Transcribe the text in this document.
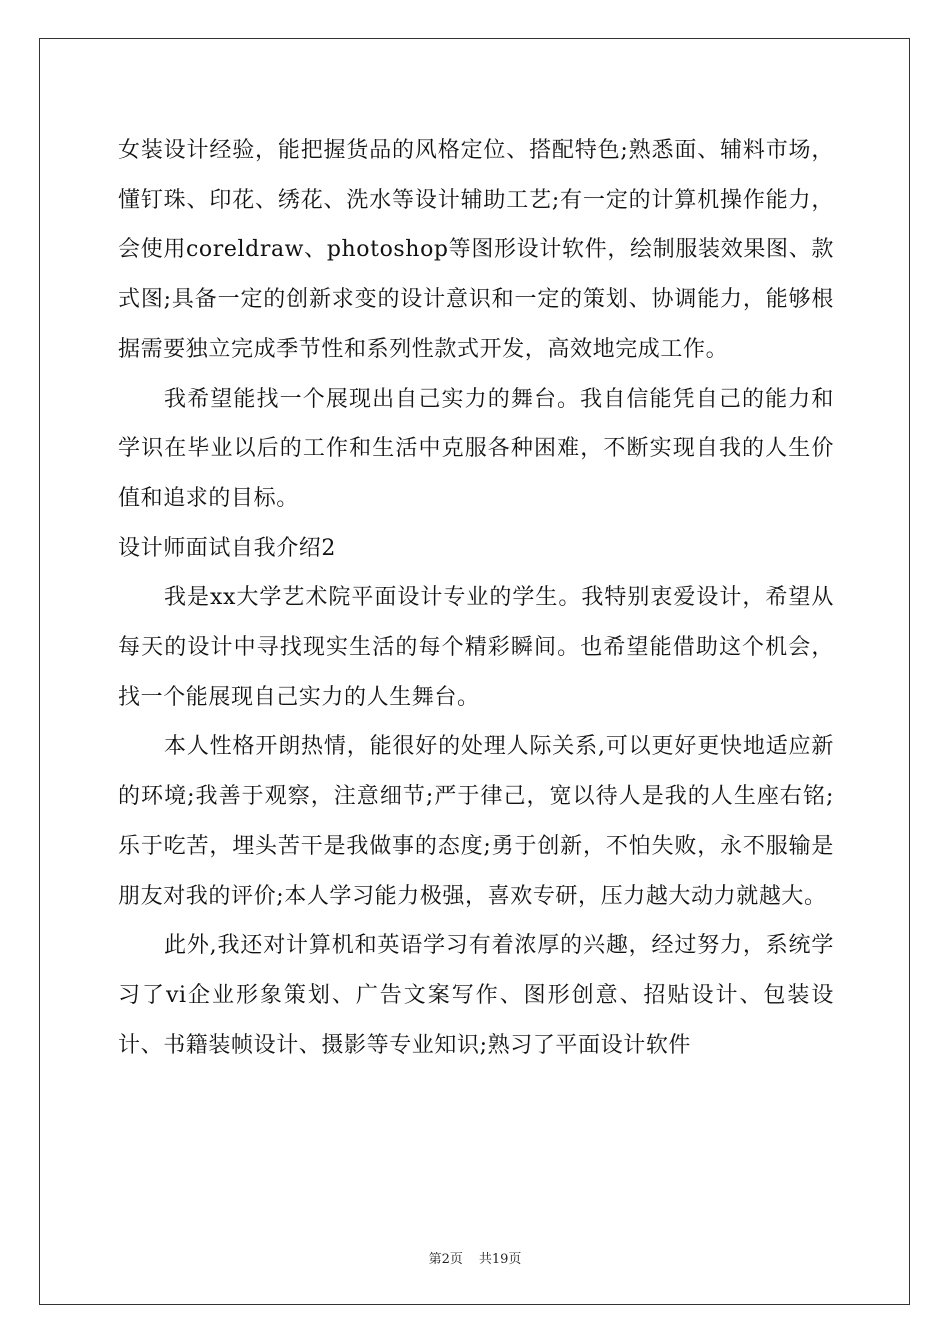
女装设计经验，能把握货品的风格定位、搭配特色;熟悉面、辅料市场，懂钉珠、印花、绣花、洗水等设计辅助工艺;有一定的计算机操作能力，会使用coreldraw、photoshop等图形设计软件，绘制服装效果图、款式图;具备一定的创新求变的设计意识和一定的策划、协调能力，能够根据需要独立完成季节性和系列性款式开发，高效地完成工作。

我希望能找一个展现出自己实力的舞台。我自信能凭自己的能力和学识在毕业以后的工作和生活中克服各种困难，不断实现自我的人生价值和追求的目标。

设计师面试自我介绍2

我是xx大学艺术院平面设计专业的学生。我特别衷爱设计，希望从每天的设计中寻找现实生活的每个精彩瞬间。也希望能借助这个机会，找一个能展现自己实力的人生舞台。

本人性格开朗热情，能很好的处理人际关系,可以更好更快地适应新的环境;我善于观察，注意细节;严于律己，宽以待人是我的人生座右铭;乐于吃苦，埋头苦干是我做事的态度;勇于创新，不怕失败，永不服输是朋友对我的评价;本人学习能力极强，喜欢专研，压力越大动力就越大。

此外,我还对计算机和英语学习有着浓厚的兴趣，经过努力，系统学习了vi企业形象策划、广告文案写作、图形创意、招贴设计、包装设计、书籍装帧设计、摄影等专业知识;熟习了平面设计软件

第2页 共19页
